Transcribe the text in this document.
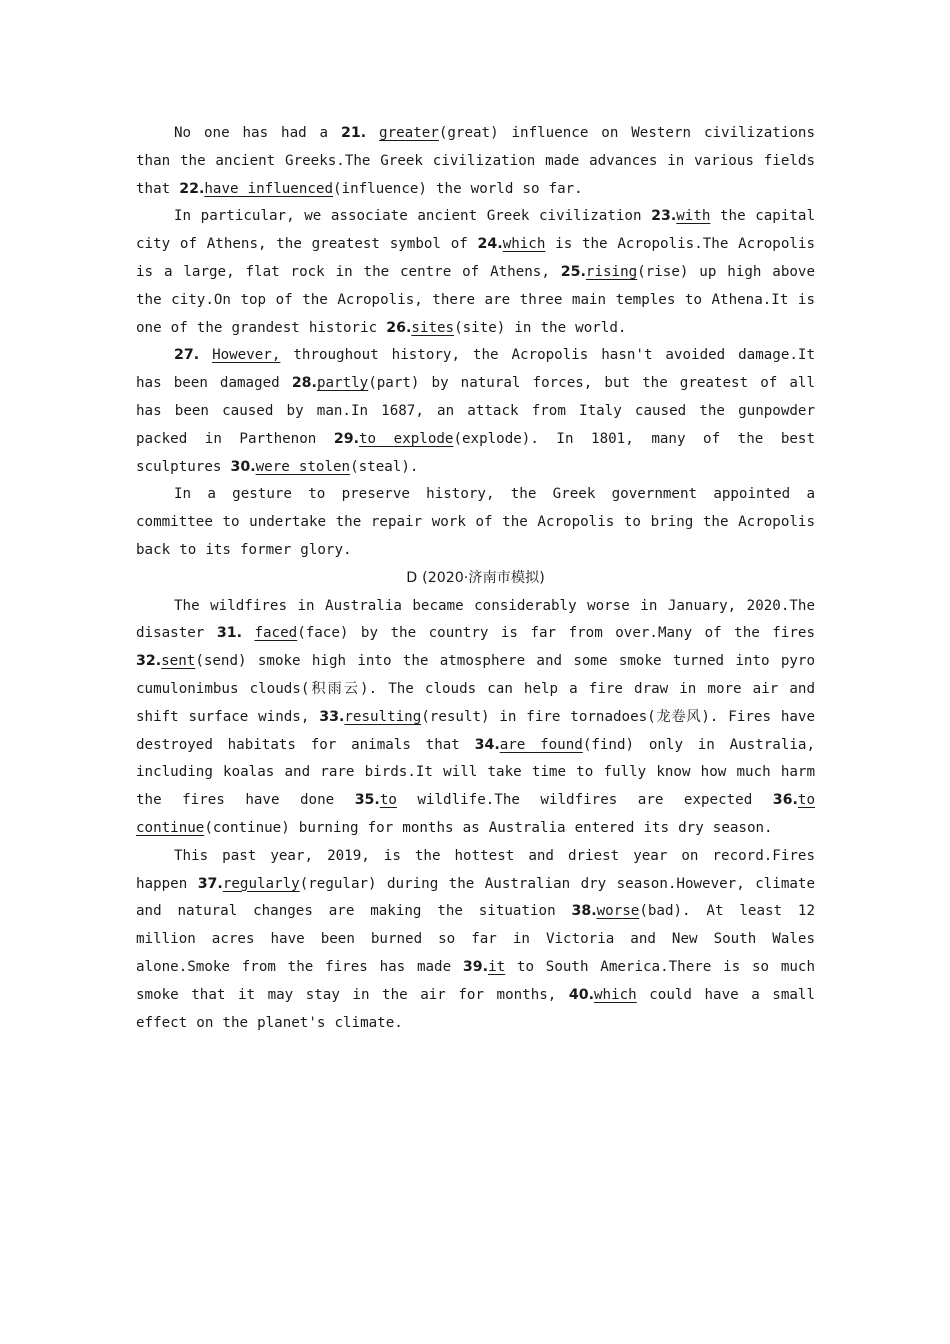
No one has had a 21. greater(great) influence on Western civilizations than the ancient Greeks.The Greek civilization made advances in various fields that 22.have influenced(influence) the world so far.

In particular, we associate ancient Greek civilization 23.with the capital city of Athens, the greatest symbol of 24.which is the Acropolis.The Acropolis is a large, flat rock in the centre of Athens, 25.rising(rise) up high above the city.On top of the Acropolis, there are three main temples to Athena.It is one of the grandest historic 26.sites(site) in the world.

27. However, throughout history, the Acropolis hasn't avoided damage.It has been damaged 28.partly(part) by natural forces, but the greatest of all has been caused by man.In 1687, an attack from Italy caused the gunpowder packed in Parthenon 29.to explode(explode). In 1801, many of the best sculptures 30.were stolen(steal).

In a gesture to preserve history, the Greek government appointed a committee to undertake the repair work of the Acropolis to bring the Acropolis back to its former glory.

D (2020·济南市模拟)

The wildfires in Australia became considerably worse in January, 2020.The disaster 31. faced(face) by the country is far from over.Many of the fires 32.sent(send) smoke high into the atmosphere and some smoke turned into pyro cumulonimbus clouds(积雨云). The clouds can help a fire draw in more air and shift surface winds, 33.resulting(result) in fire tornadoes(龙卷风). Fires have destroyed habitats for animals that 34.are found(find) only in Australia, including koalas and rare birds.It will take time to fully know how much harm the fires have done 35.to wildlife.The wildfires are expected 36.to continue(continue) burning for months as Australia entered its dry season.

This past year, 2019, is the hottest and driest year on record.Fires happen 37.regularly(regular) during the Australian dry season.However, climate and natural changes are making the situation 38.worse(bad). At least 12 million acres have been burned so far in Victoria and New South Wales alone.Smoke from the fires has made 39.it to South America.There is so much smoke that it may stay in the air for months, 40.which could have a small effect on the planet's climate.
